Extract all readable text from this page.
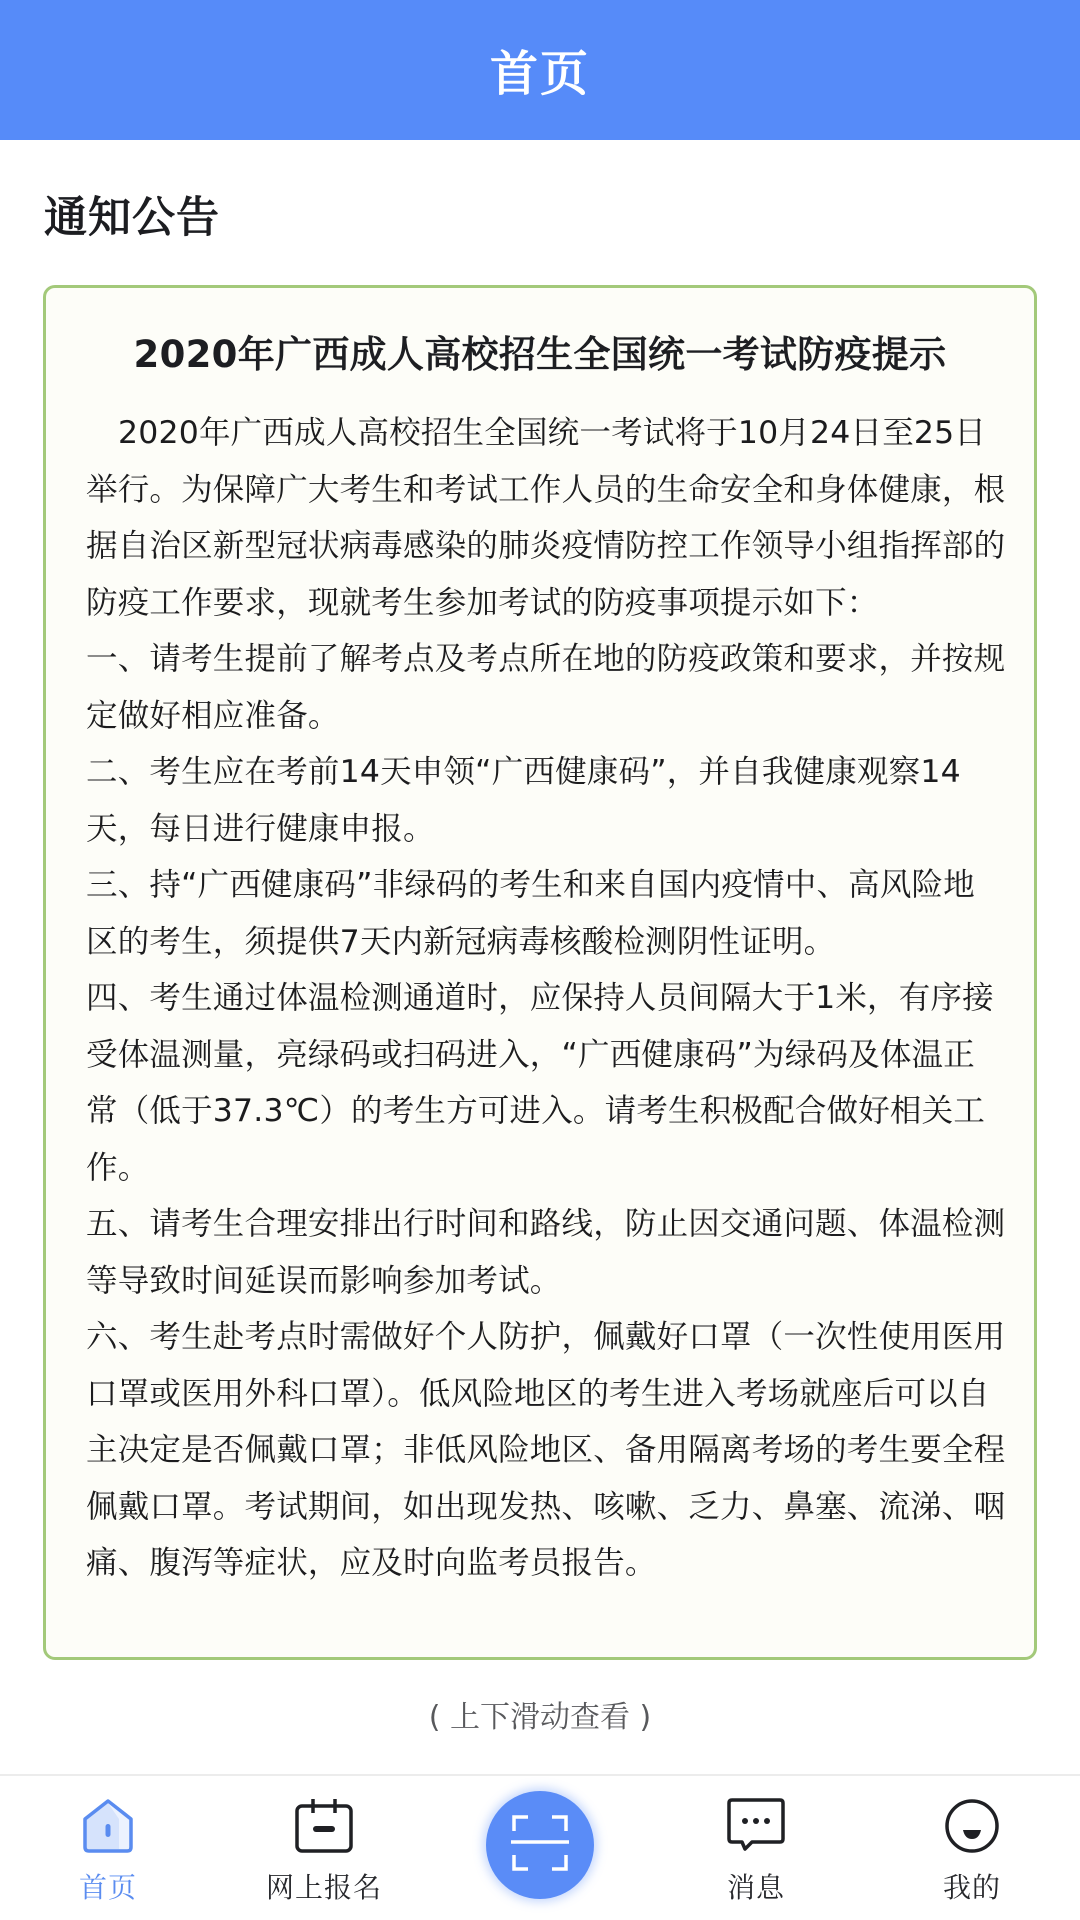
首页
通知公告
2020年广西成人高校招生全国统一考试防疫提示

2020年广西成人高校招生全国统一考试将于10月24日至25日举行。为保障广大考生和考试工作人员的生命安全和身体健康，根据自治区新型冠状病毒感染的肺炎疫情防控工作领导小组指挥部的防疫工作要求，现就考生参加考试的防疫事项提示如下：

一、请考生提前了解考点及考点所在地的防疫政策和要求，并按规定做好相应准备。

二、考生应在考前14天申领“广西健康码”，并自我健康观察14天，每日进行健康申报。

三、持“广西健康码”非绿码的考生和来自国内疫情中、高风险地区的考生，须提供7天内新冠病毒核酸检测阴性证明。

四、考生通过体温检测通道时，应保持人员间隔大于1米，有序接受体温测量，亮绿码或扫码进入，“广西健康码”为绿码及体温正常（低于37.3℃）的考生方可进入。请考生积极配合做好相关工作。

五、请考生合理安排出行时间和路线，防止因交通问题、体温检测等导致时间延误而影响参加考试。

六、考生赴考点时需做好个人防护，佩戴好口罩（一次性使用医用口罩或医用外科口罩）。低风险地区的考生进入考场就座后可以自主决定是否佩戴口罩；非低风险地区、备用隔离考场的考生要全程佩戴口罩。考试期间，如出现发热、咳嗽、乏力、鼻塞、流涕、咽痛、腹泻等症状，应及时向监考员报告。

( 上下滑动查看 )
首页	网上报名	消息	我的
